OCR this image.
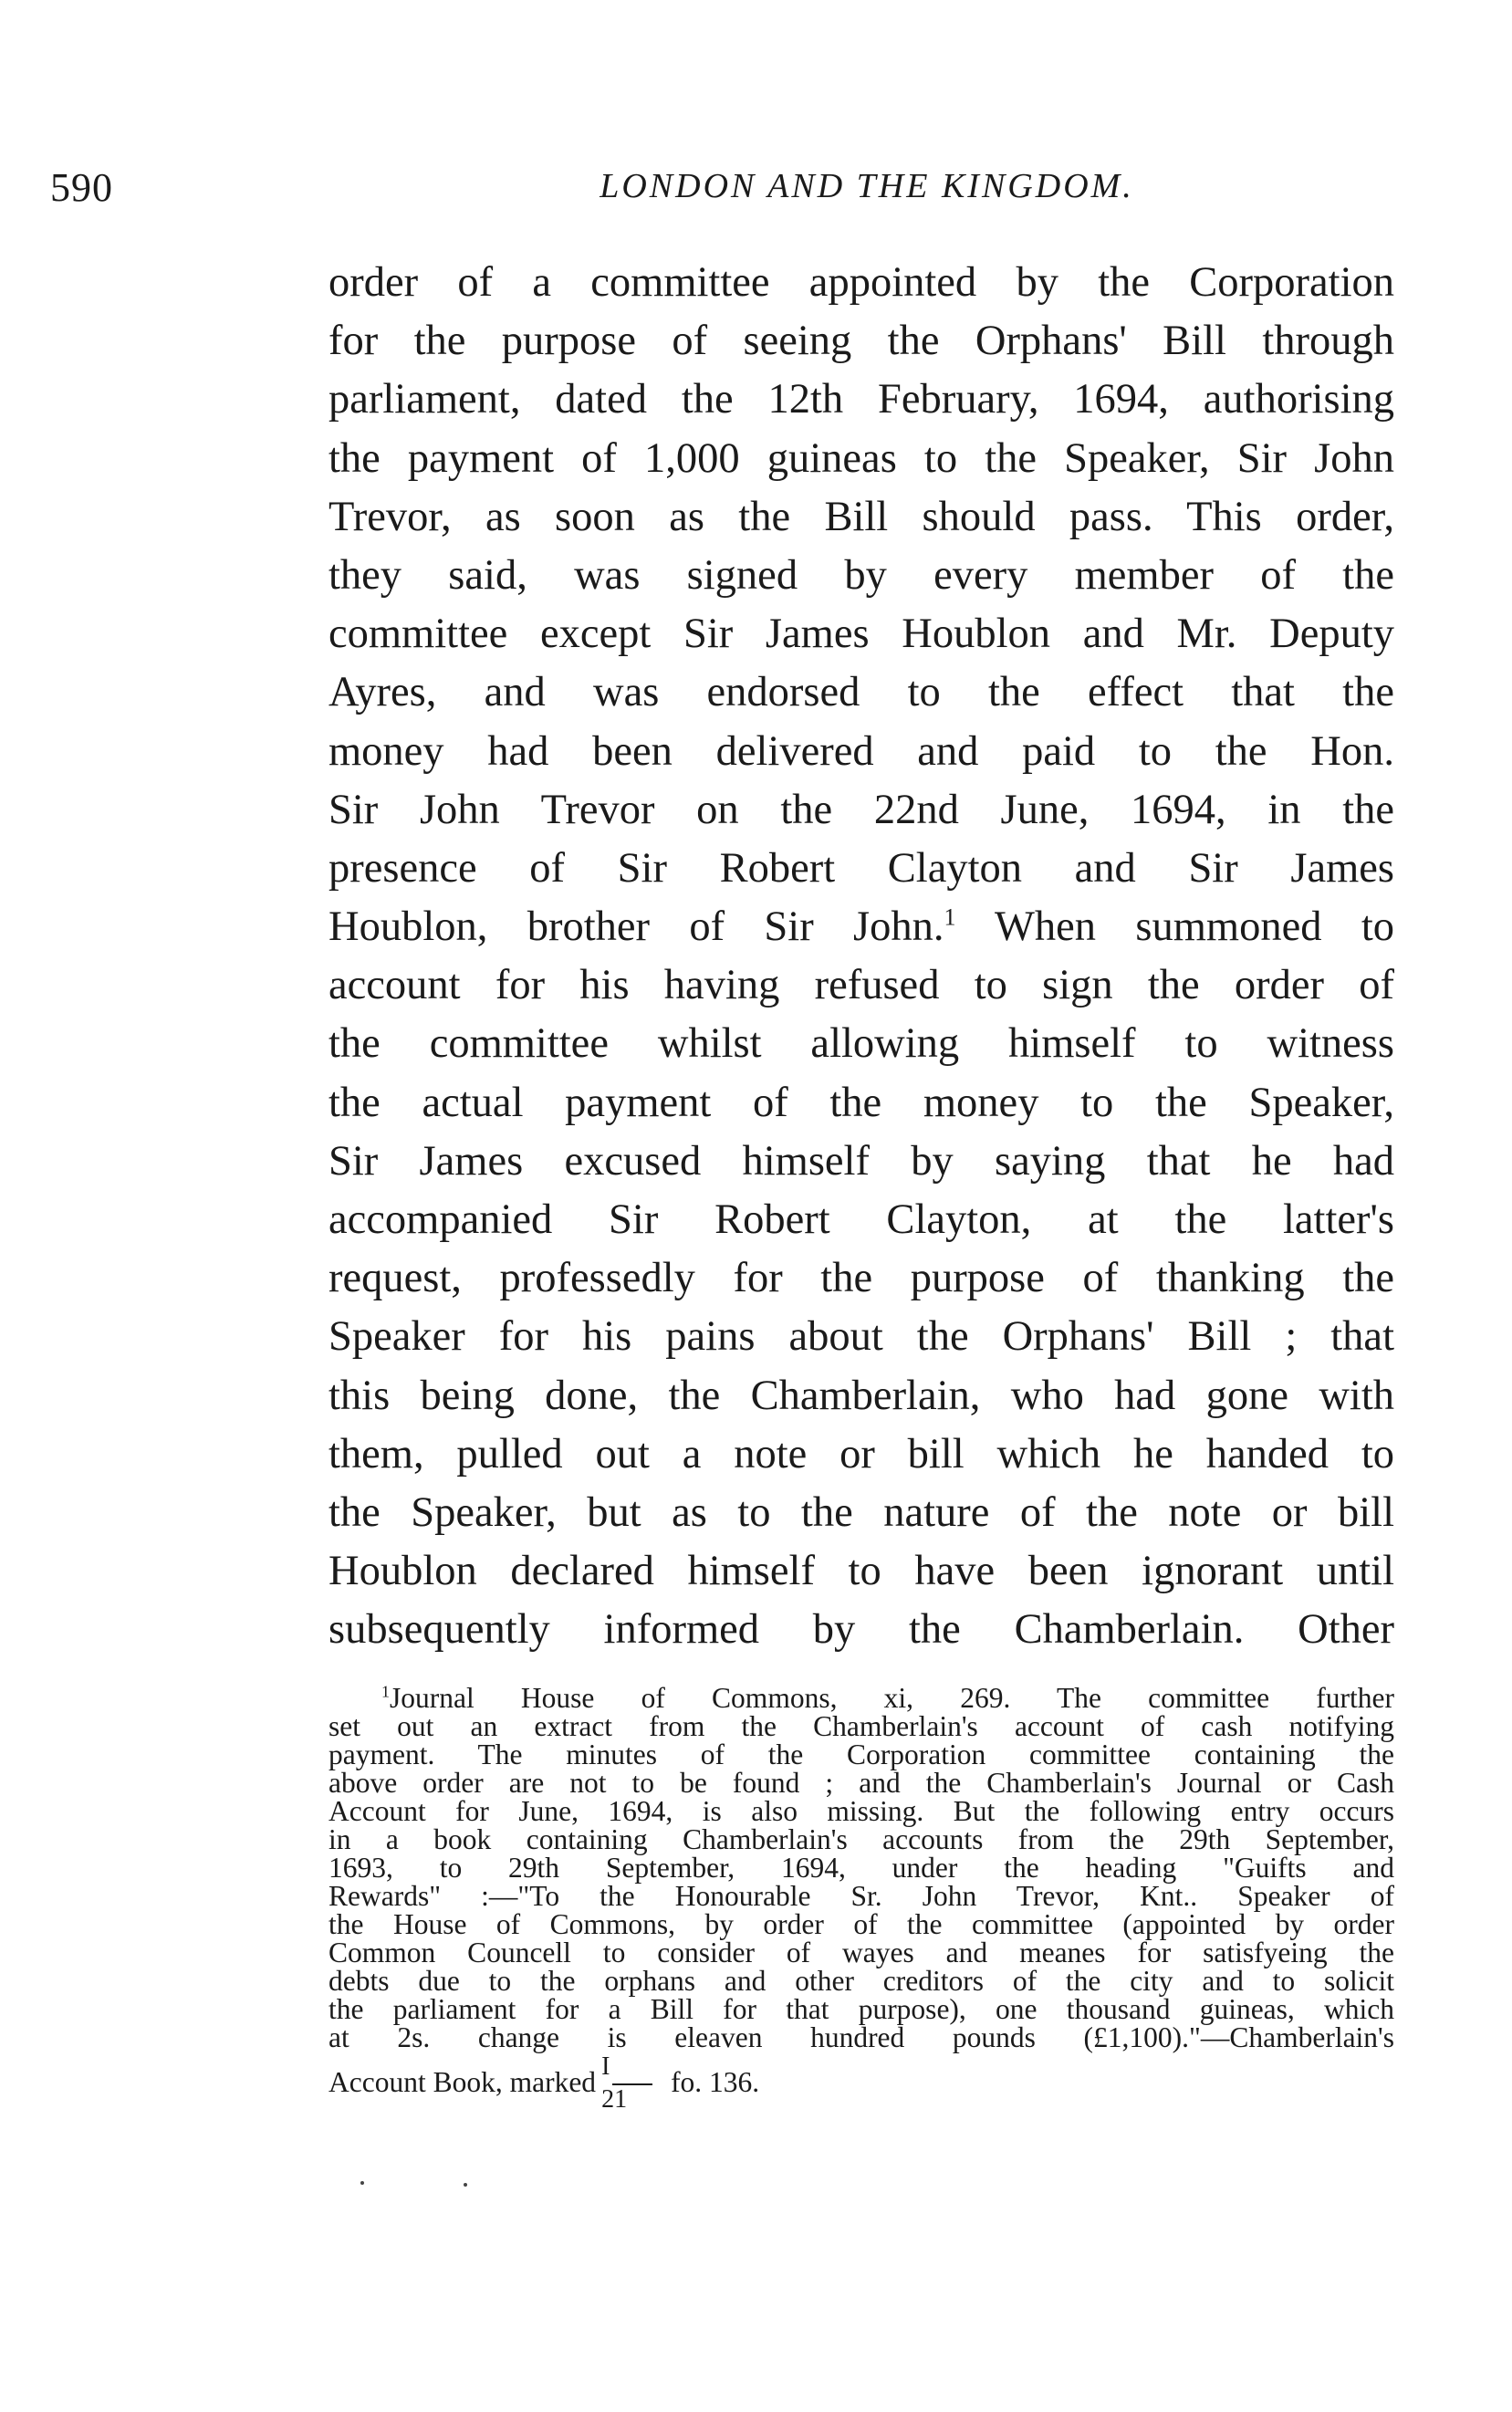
590	LONDON AND THE KINGDOM.
order of a committee appointed by the Corporation
for the purpose of seeing the Orphans' Bill through
parliament, dated the 12th February, 1694, authorising
the payment of 1,000 guineas to the Speaker, Sir John
Trevor, as soon as the Bill should pass. This order,
they said, was signed by every member of the
committee except Sir James Houblon and Mr. Deputy
Ayres, and was endorsed to the effect that the
money had been delivered and paid to the Hon.
Sir John Trevor on the 22nd June, 1694, in the
presence of Sir Robert Clayton and Sir James
Houblon, brother of Sir John.$^1$ When summoned to
account for his having refused to sign the order of
the committee whilst allowing himself to witness
the actual payment of the money to the Speaker,
Sir James excused himself by saying that he had
accompanied Sir Robert Clayton, at the latter's
request, professedly for the purpose of thanking the
Speaker for his pains about the Orphans' Bill ; that
this being done, the Chamberlain, who had gone with
them, pulled out a note or bill which he handed to
the Speaker, but as to the nature of the note or bill
Houblon declared himself to have been ignorant until
subsequently informed by the Chamberlain. Other
$^1$Journal House of Commons, xi, 269. The committee further
set out an extract from the Chamberlain's account of cash notifying
payment. The minutes of the Corporation committee containing the
above order are not to be found ; and the Chamberlain's Journal or Cash
Account for June, 1694, is also missing. But the following entry occurs
in a book containing Chamberlain's accounts from the 29th September,
1693, to 29th September, 1694, under the heading "Guifts and
Rewards" :—"To the Honourable Sr. John Trevor, Knt.. Speaker of
the House of Commons, by order of the committee (appointed by order
Common Councell to consider of wayes and meanes for satisfyeing the
debts due to the orphans and other creditors of the city and to solicit
the parliament for a Bill for that purpose), one thousand guineas, which
at 2s. change is eleaven hundred pounds (£1,100)."—Chamberlain's
Account Book, marked $\frac{I}{21}$ fo. 136.
